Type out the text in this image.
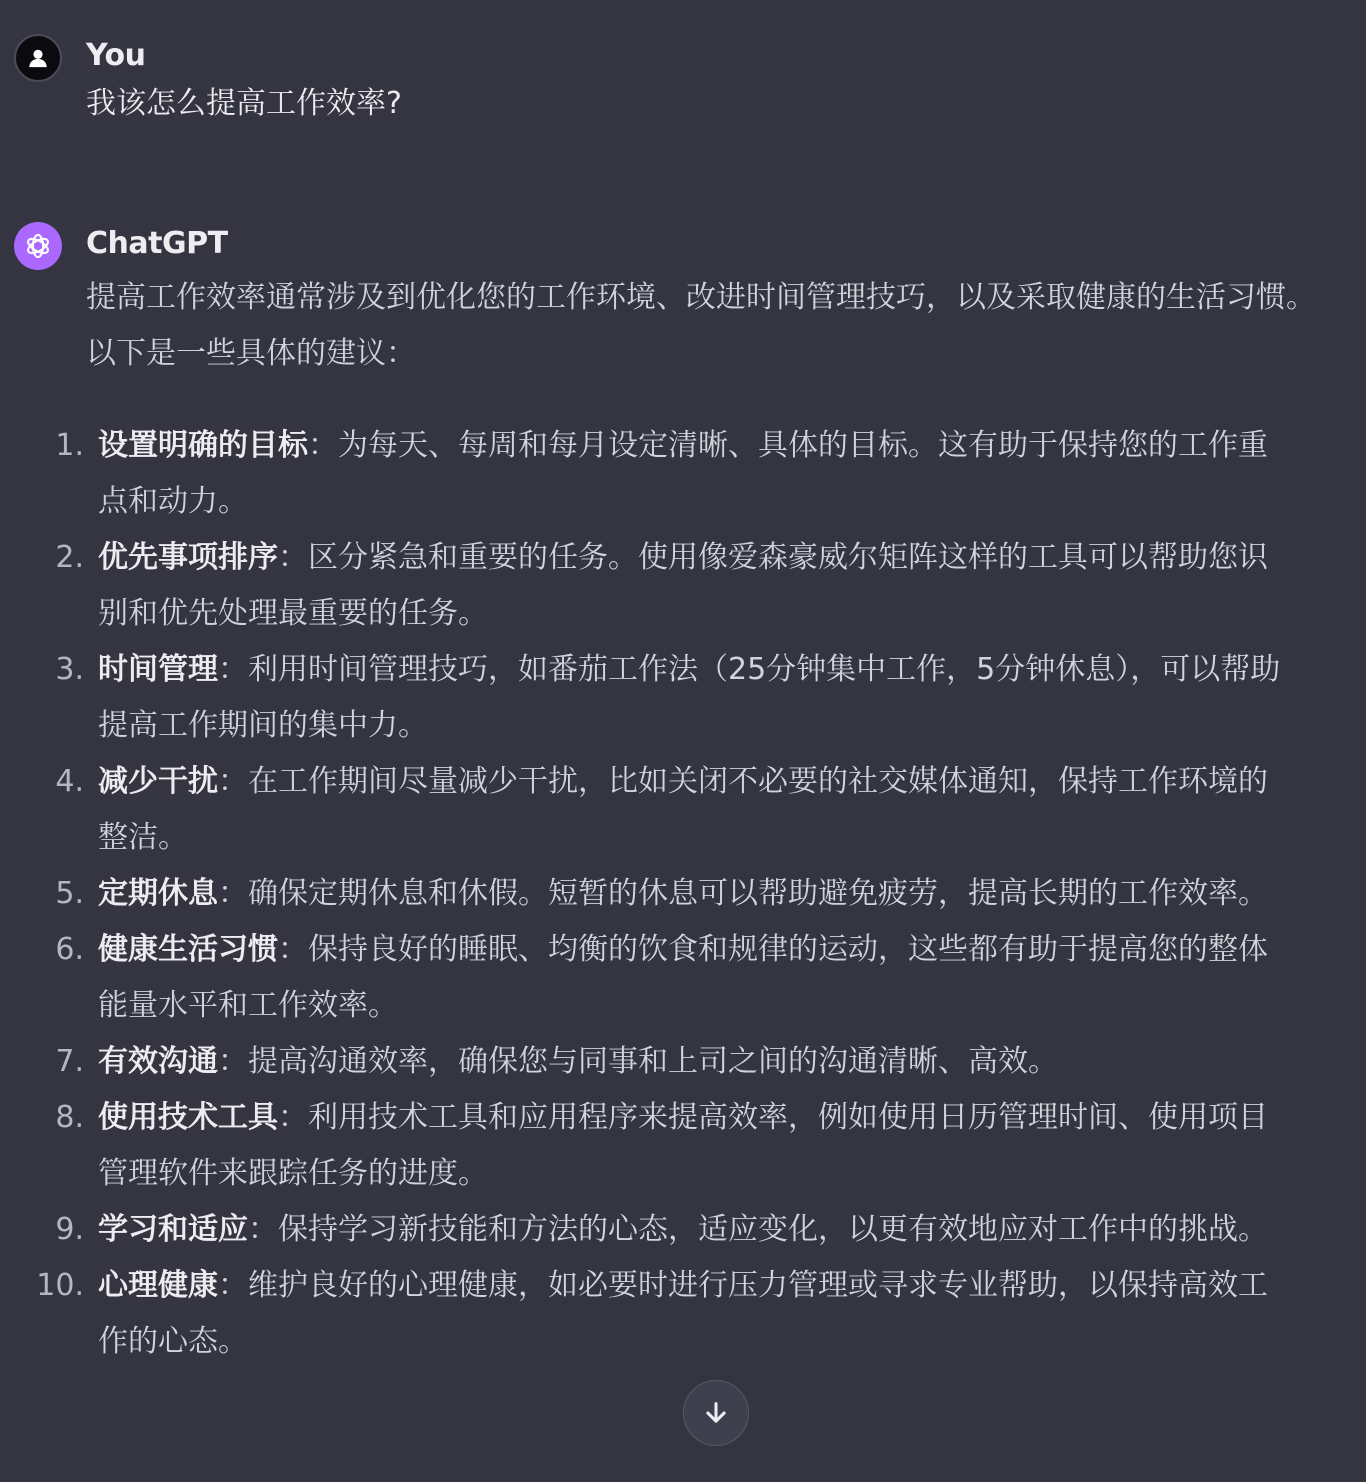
You
我该怎么提高工作效率?
ChatGPT
提高工作效率通常涉及到优化您的工作环境、改进时间管理技巧，以及采取健康的生活习惯。以下是一些具体的建议：
1. 设置明确的目标：为每天、每周和每月设定清晰、具体的目标。这有助于保持您的工作重点和动力。
2. 优先事项排序：区分紧急和重要的任务。使用像爱森豪威尔矩阵这样的工具可以帮助您识别和优先处理最重要的任务。
3. 时间管理：利用时间管理技巧，如番茄工作法（25分钟集中工作，5分钟休息），可以帮助提高工作期间的集中力。
4. 减少干扰：在工作期间尽量减少干扰，比如关闭不必要的社交媒体通知，保持工作环境的整洁。
5. 定期休息：确保定期休息和休假。短暂的休息可以帮助避免疲劳，提高长期的工作效率。
6. 健康生活习惯：保持良好的睡眠、均衡的饮食和规律的运动，这些都有助于提高您的整体能量水平和工作效率。
7. 有效沟通：提高沟通效率，确保您与同事和上司之间的沟通清晰、高效。
8. 使用技术工具：利用技术工具和应用程序来提高效率，例如使用日历管理时间、使用项目管理软件来跟踪任务的进度。
9. 学习和适应：保持学习新技能和方法的心态，适应变化，以更有效地应对工作中的挑战。
10. 心理健康：维护良好的心理健康，如必要时进行压力管理或寻求专业帮助，以保持高效工作的心态。
